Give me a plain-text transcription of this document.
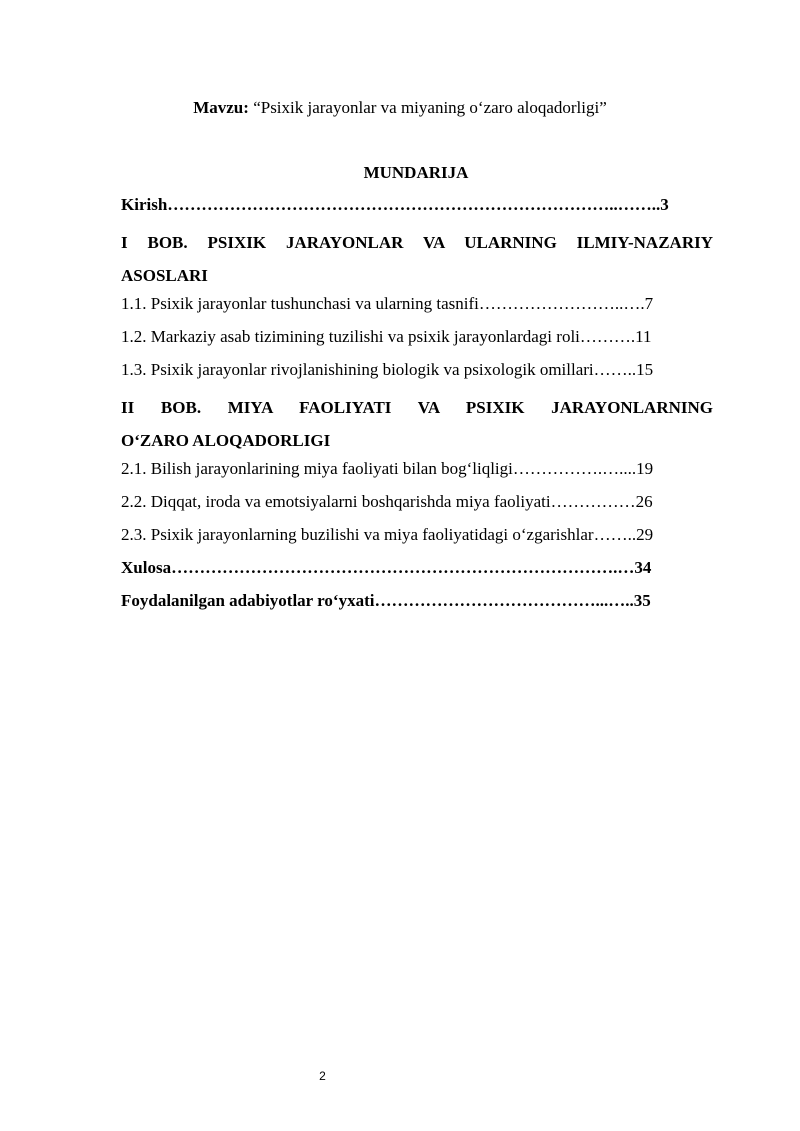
Mavzu: “Psixik jarayonlar va miyaning o‘zaro aloqadorligi”
MUNDARIJA
Kirish……………………………………………………………………..……..3
I BOB. PSIXIK JARAYONLAR VA ULARNING ILMIY-NAZARIY
ASOSLARI
1.1. Psixik jarayonlar tushunchasi va ularning tasnifi……………………..….7
1.2. Markaziy asab tizimining tuzilishi va psixik jarayonlardagi roli……….11
1.3. Psixik jarayonlar rivojlanishining biologik va psixologik omillari……..15
II BOB. MIYA FAOLIYATI VA PSIXIK JARAYONLARNING
O‘ZARO ALOQADORLIGI
2.1. Bilish jarayonlarining miya faoliyati bilan bog‘liqligi…………….…....19
2.2. Diqqat, iroda va emotsiyalarni boshqarishda miya faoliyati……………26
2.3. Psixik jarayonlarning buzilishi va miya faoliyatidagi o‘zgarishlar……..29
Xulosa…………………………………………………………………….…34
Foydalanilgan adabiyotlar ro‘yxati…………………………………...…..35
2
